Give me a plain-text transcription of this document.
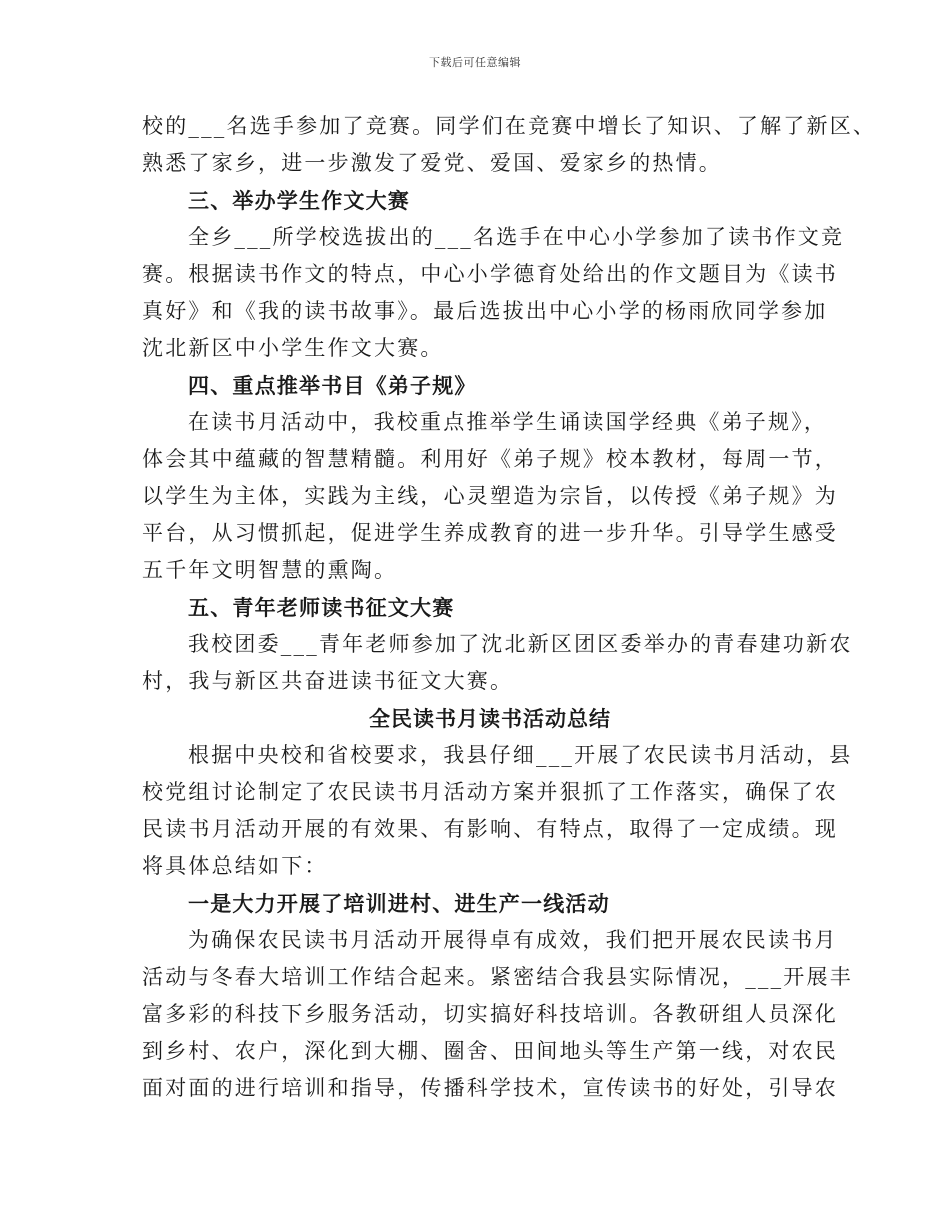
下载后可任意编辑
校的___名选手参加了竞赛。同学们在竞赛中增长了知识、了解了新区、
熟悉了家乡，进一步激发了爱党、爱国、爱家乡的热情。
三、举办学生作文大赛
全乡___所学校选拔出的___名选手在中心小学参加了读书作文竞
赛。根据读书作文的特点，中心小学德育处给出的作文题目为《读书
真好》和《我的读书故事》。最后选拔出中心小学的杨雨欣同学参加
沈北新区中小学生作文大赛。
四、重点推举书目《弟子规》
在读书月活动中，我校重点推举学生诵读国学经典《弟子规》，
体会其中蕴藏的智慧精髓。利用好《弟子规》校本教材，每周一节，
以学生为主体，实践为主线，心灵塑造为宗旨，以传授《弟子规》为
平台，从习惯抓起，促进学生养成教育的进一步升华。引导学生感受
五千年文明智慧的熏陶。
五、青年老师读书征文大赛
我校团委___青年老师参加了沈北新区团区委举办的青春建功新农
村，我与新区共奋进读书征文大赛。
全民读书月读书活动总结
根据中央校和省校要求，我县仔细___开展了农民读书月活动，县
校党组讨论制定了农民读书月活动方案并狠抓了工作落实，确保了农
民读书月活动开展的有效果、有影响、有特点，取得了一定成绩。现
将具体总结如下：
一是大力开展了培训进村、进生产一线活动
为确保农民读书月活动开展得卓有成效，我们把开展农民读书月
活动与冬春大培训工作结合起来。紧密结合我县实际情况，___开展丰
富多彩的科技下乡服务活动，切实搞好科技培训。各教研组人员深化
到乡村、农户，深化到大棚、圈舍、田间地头等生产第一线，对农民
面对面的进行培训和指导，传播科学技术，宣传读书的好处，引导农
